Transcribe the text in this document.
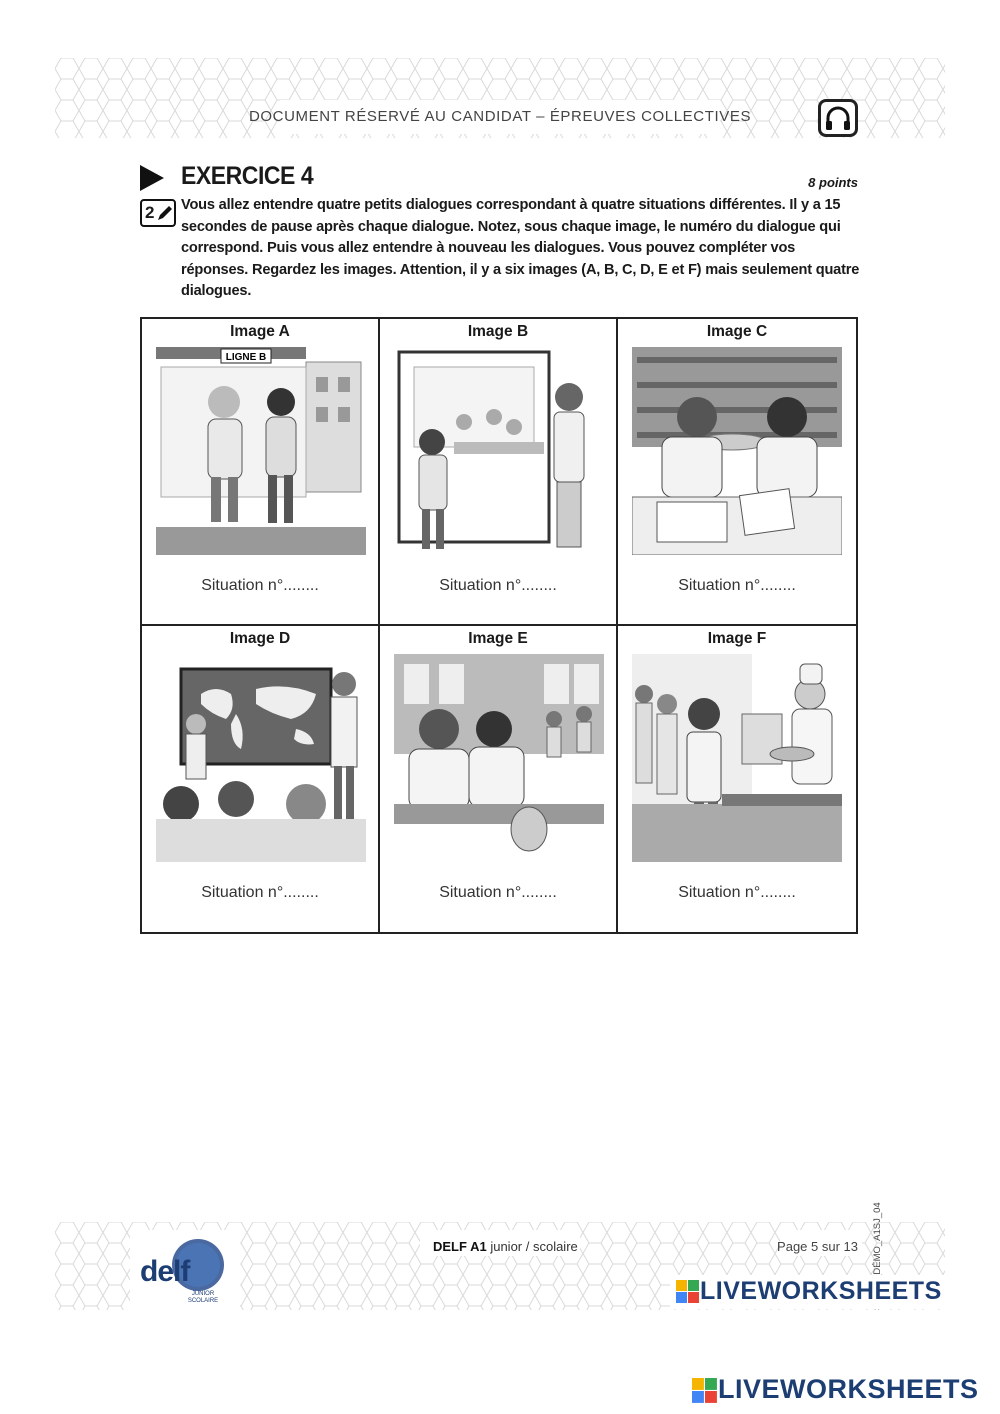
DOCUMENT RÉSERVÉ AU CANDIDAT – ÉPREUVES COLLECTIVES
EXERCICE 4	8 points
2 Vous allez entendre quatre petits dialogues correspondant à quatre situations différentes. Il y a 15 secondes de pause après chaque dialogue. Notez, sous chaque image, le numéro du dialogue qui correspond. Puis vous allez entendre à nouveau les dialogues. Vous pouvez compléter vos réponses. Regardez les images. Attention, il y a six images (A, B, C, D, E et F) mais seulement quatre dialogues.
Image A
LIGNE B
Situation n°........
Image B
Situation n°........
Image C
Situation n°........
Image D
Situation n°........
Image E
Situation n°........
Image F
Situation n°........
DELF A1 junior / scolaire	Page 5 sur 13
delf
JUNIOR SCOLAIRE	LIVEWORKSHEETS
LIVEWORKSHEETS
